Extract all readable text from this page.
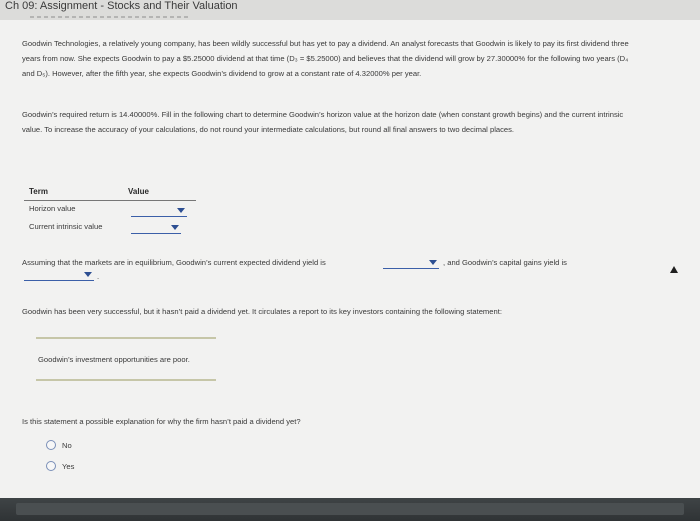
Ch 09: Assignment - Stocks and Their Valuation
Goodwin Technologies, a relatively young company, has been wildly successful but has yet to pay a dividend. An analyst forecasts that Goodwin is likely to pay its first dividend three years from now. She expects Goodwin to pay a $5.25000 dividend at that time (D₃ = $5.25000) and believes that the dividend will grow by 27.30000% for the following two years (D₄ and D₅). However, after the fifth year, she expects Goodwin’s dividend to grow at a constant rate of 4.32000% per year.
Goodwin’s required return is 14.40000%. Fill in the following chart to determine Goodwin’s horizon value at the horizon date (when constant growth begins) and the current intrinsic value. To increase the accuracy of your calculations, do not round your intermediate calculations, but round all final answers to two decimal places.
Term	Value
Horizon value
Current intrinsic value
Assuming that the markets are in equilibrium, Goodwin’s current expected dividend yield is	, and Goodwin’s capital gains yield is
.
Goodwin has been very successful, but it hasn’t paid a dividend yet. It circulates a report to its key investors containing the following statement:
Goodwin’s investment opportunities are poor.
Is this statement a possible explanation for why the firm hasn’t paid a dividend yet?
No
Yes
